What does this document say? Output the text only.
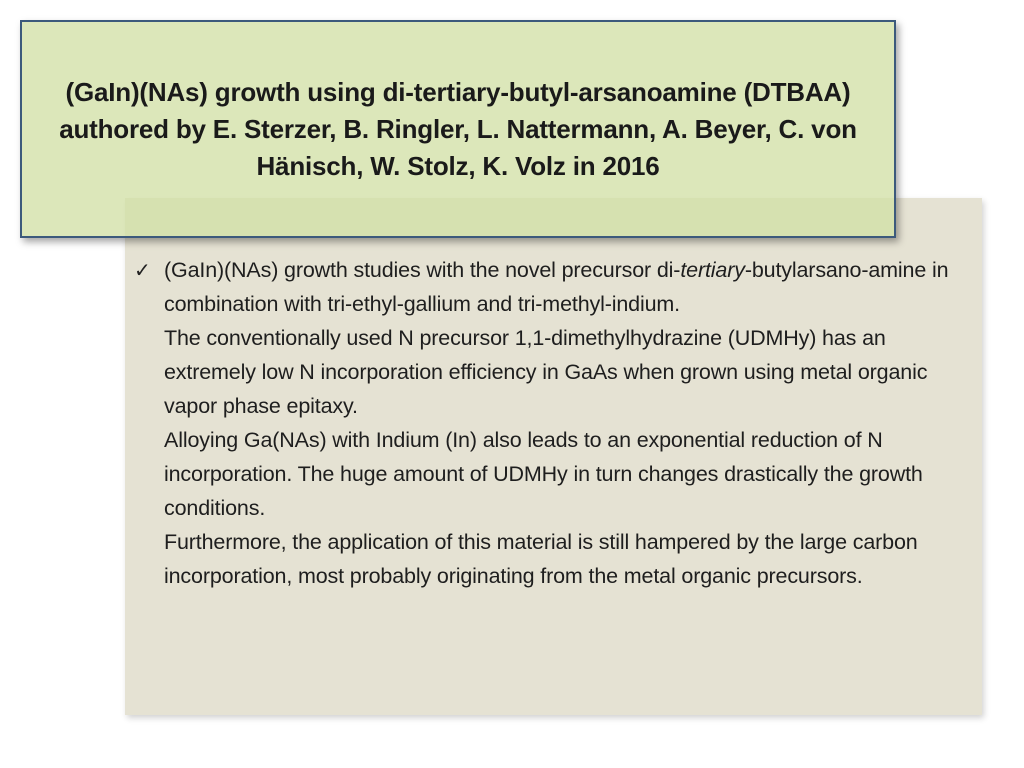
(GaIn)(NAs) growth using di-tertiary-butyl-arsanoamine (DTBAA) authored by E. Sterzer, B. Ringler, L. Nattermann, A. Beyer, C. von Hänisch, W. Stolz, K. Volz in 2016
✓ (GaIn)(NAs) growth studies with the novel precursor di-tertiary-butylarsano-amine in combination with tri-ethyl-gallium and tri-methyl-indium.

The conventionally used N precursor 1,1-dimethylhydrazine (UDMHy) has an extremely low N incorporation efficiency in GaAs when grown using metal organic vapor phase epitaxy.

Alloying Ga(NAs) with Indium (In) also leads to an exponential reduction of N incorporation. The huge amount of UDMHy in turn changes drastically the growth conditions.

Furthermore, the application of this material is still hampered by the large carbon incorporation, most probably originating from the metal organic precursors.
